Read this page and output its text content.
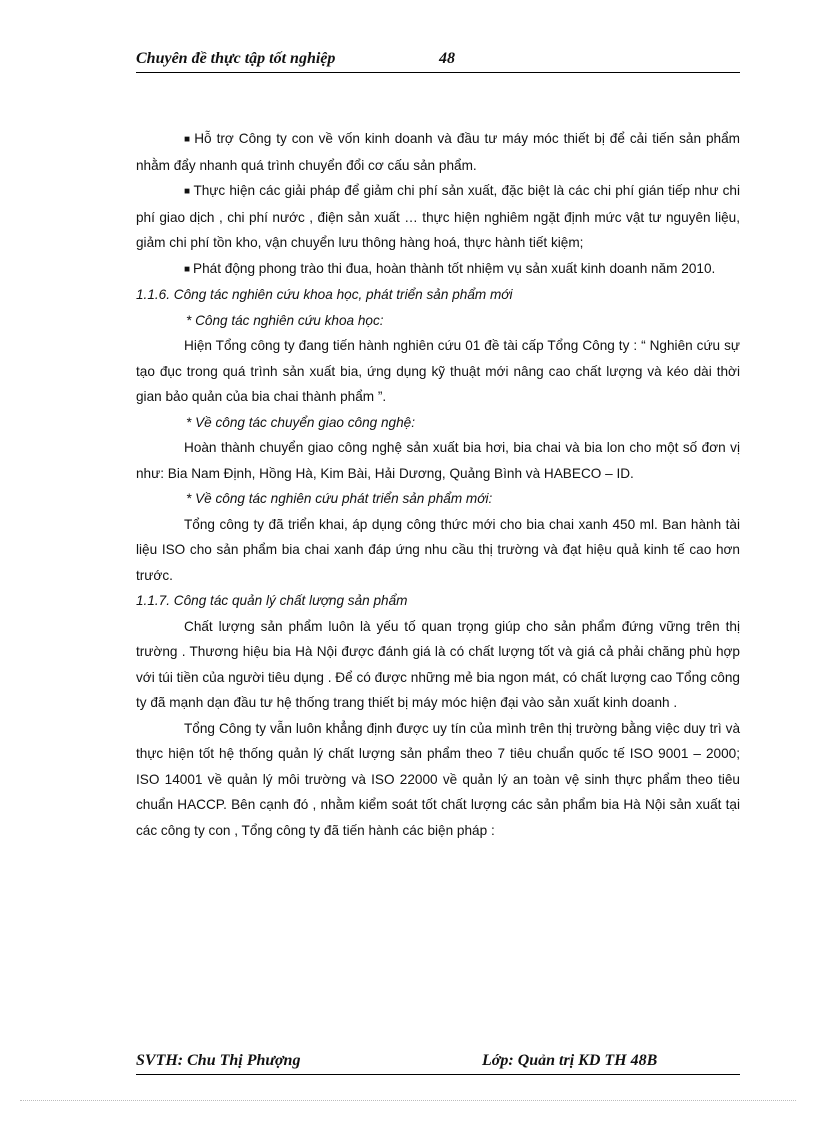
Chuyên đề thực tập tốt nghiệp	48

■ Hỗ trợ Công ty con về vốn kinh doanh và đầu tư máy móc thiết bị để cải tiến sản phẩm nhằm đẩy nhanh quá trình chuyển đổi cơ cấu sản phẩm.

■ Thực hiện các giải pháp để giảm chi phí sản xuất, đặc biệt là các chi phí gián tiếp như chi phí giao dịch , chi phí nước , điện sản xuất … thực hiện nghiêm ngặt định mức vật tư nguyên liệu, giảm chi phí tồn kho, vận chuyển lưu thông hàng hoá, thực hành tiết kiệm;

■ Phát động phong trào thi đua, hoàn thành tốt nhiệm vụ sản xuất kinh doanh năm 2010.

1.1.6. Công tác nghiên cứu khoa học, phát triển sản phẩm mới

* Công tác nghiên cứu khoa học:

Hiện Tổng công ty đang tiến hành nghiên cứu 01 đề tài cấp Tổng Công ty : “ Nghiên cứu sự tạo đục trong quá trình sản xuất bia, ứng dụng kỹ thuật mới nâng cao chất lượng và kéo dài thời gian bảo quản của bia chai thành phẩm ”.

* Về công tác chuyển giao công nghệ:

Hoàn thành chuyển giao công nghệ sản xuất bia hơi, bia chai và bia lon cho một số đơn vị như: Bia Nam Định, Hồng Hà, Kim Bài, Hải Dương, Quảng Bình và HABECO – ID.

* Về công tác nghiên cứu phát triển sản phẩm mới:

Tổng công ty đã triển khai, áp dụng công thức mới cho bia chai xanh 450 ml. Ban hành tài liệu ISO cho sản phẩm bia chai xanh đáp ứng nhu cầu thị trường và đạt hiệu quả kinh tế cao hơn trước.

1.1.7. Công tác quản lý chất lượng sản phẩm

Chất lượng sản phẩm luôn là yếu tố quan trọng giúp cho sản phẩm đứng vững trên thị trường . Thương hiệu bia Hà Nội được đánh giá là có chất lượng tốt và giá cả phải chăng phù hợp với túi tiền của người tiêu dụng . Để có được những mẻ bia ngon mát, có chất lượng cao Tổng công ty đã mạnh dạn đầu tư hệ thống trang thiết bị máy móc hiện đại vào sản xuất kinh doanh .

Tổng Công ty vẫn luôn khẳng định được uy tín của mình trên thị trường bằng việc duy trì và thực hiện tốt hệ thống quản lý chất lượng sản phẩm theo 7 tiêu chuẩn quốc tế ISO 9001 – 2000; ISO 14001 về quản lý môi trường và ISO 22000 về quản lý an toàn vệ sinh thực phẩm theo tiêu chuẩn HACCP. Bên cạnh đó , nhằm kiểm soát tốt chất lượng các sản phẩm bia Hà Nội sản xuất tại các công ty con , Tổng công ty đã tiến hành các biện pháp :

SVTH: Chu Thị Phượng	Lớp: Quản trị KD TH 48B
